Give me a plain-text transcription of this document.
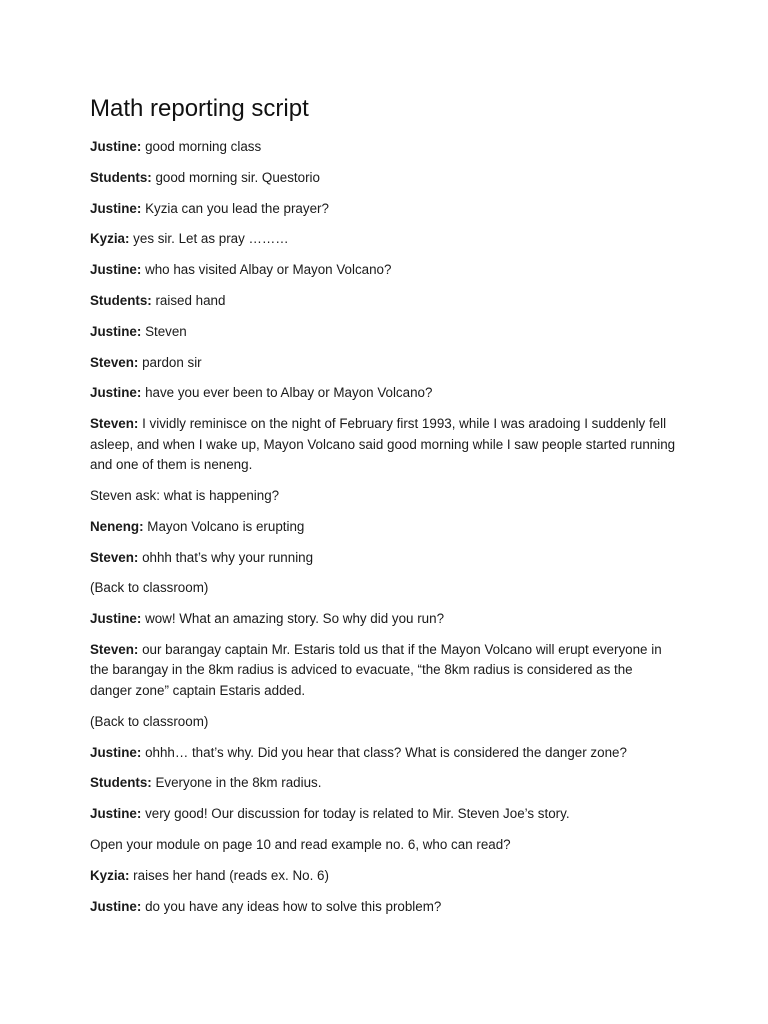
Math reporting script

Justine: good morning class

Students: good morning sir. Questorio

Justine: Kyzia can you lead the prayer?

Kyzia: yes sir. Let as pray ………

Justine: who has visited Albay or Mayon Volcano?

Students: raised hand

Justine: Steven

Steven: pardon sir

Justine: have you ever been to Albay or Mayon Volcano?

Steven: I vividly reminisce on the night of February first 1993, while I was aradoing I suddenly fell asleep, and when I wake up, Mayon Volcano said good morning while I saw people started running and one of them is neneng.

Steven ask: what is happening?

Neneng: Mayon Volcano is erupting

Steven: ohhh that’s why your running

(Back to classroom)

Justine: wow! What an amazing story. So why did you run?

Steven: our barangay captain Mr. Estaris told us that if the Mayon Volcano will erupt everyone in the barangay in the 8km radius is adviced to evacuate, “the 8km radius is considered as the danger zone” captain Estaris added.

(Back to classroom)

Justine: ohhh… that’s why. Did you hear that class? What is considered the danger zone?

Students: Everyone in the 8km radius.

Justine: very good! Our discussion for today is related to Mir. Steven Joe’s story.

Open your module on page 10 and read example no. 6, who can read?

Kyzia: raises her hand (reads ex. No. 6)

Justine: do you have any ideas how to solve this problem?
